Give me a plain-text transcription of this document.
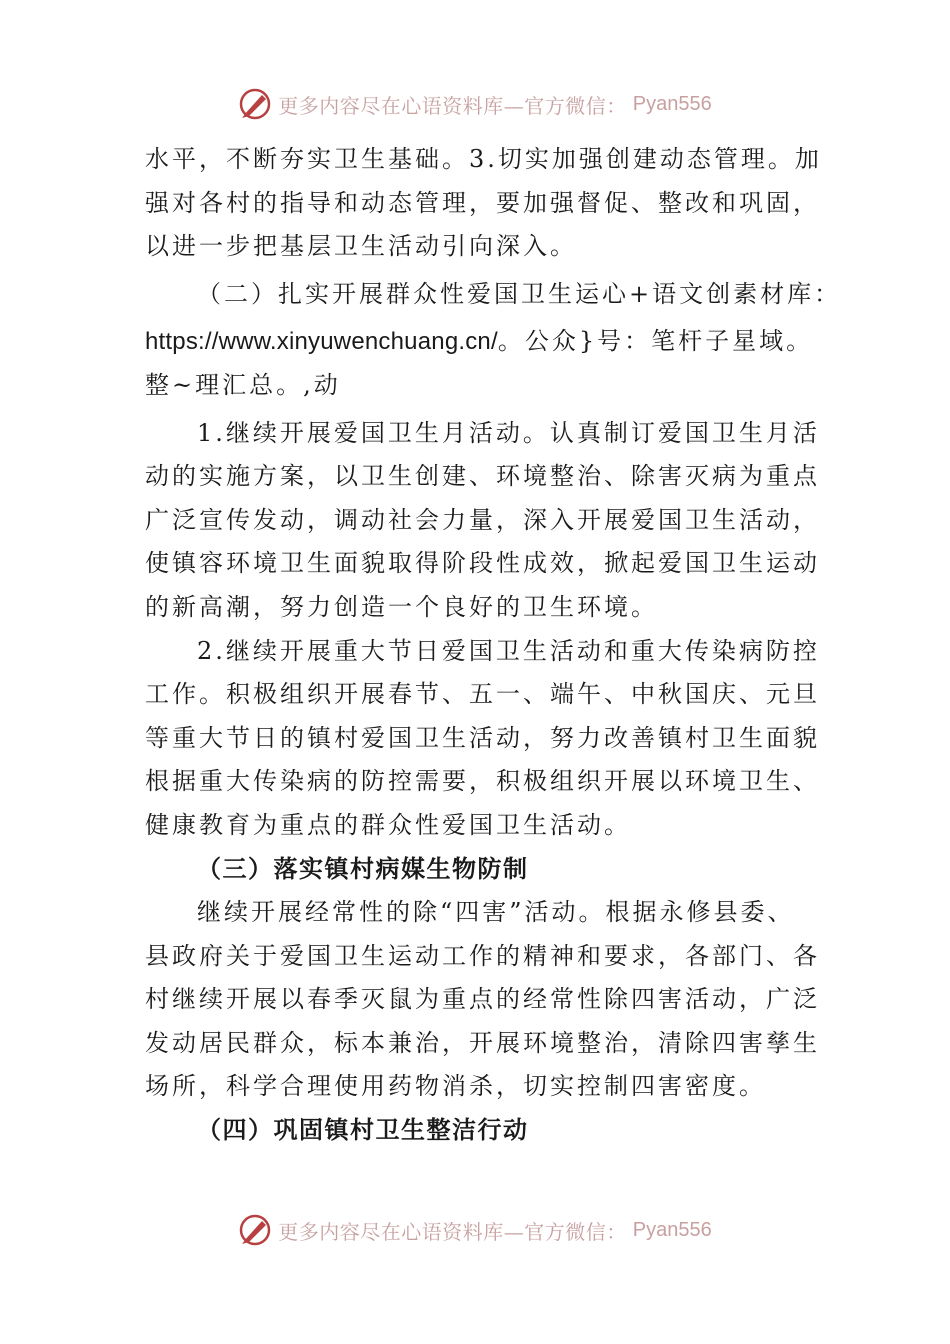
更多内容尽在心语资料库—官方微信： Pyan556
水平，不断夯实卫生基础。3.切实加强创建动态管理。加
强对各村的指导和动态管理，要加强督促、整改和巩固，
以进一步把基层卫生活动引向深入。
（二）扎实开展群众性爱国卫生运心+语文创素材库：
https://www.xinyuwenchuang.cn/。公众}号：笔杆子星域。
整~理汇总。,动
1.继续开展爱国卫生月活动。认真制订爱国卫生月活
动的实施方案，以卫生创建、环境整治、除害灭病为重点
广泛宣传发动，调动社会力量，深入开展爱国卫生活动，
使镇容环境卫生面貌取得阶段性成效，掀起爱国卫生运动
的新高潮，努力创造一个良好的卫生环境。
2.继续开展重大节日爱国卫生活动和重大传染病防控
工作。积极组织开展春节、五一、端午、中秋国庆、元旦
等重大节日的镇村爱国卫生活动，努力改善镇村卫生面貌
根据重大传染病的防控需要，积极组织开展以环境卫生、
健康教育为重点的群众性爱国卫生活动。
（三）落实镇村病媒生物防制
继续开展经常性的除“四害”活动。根据永修县委、
县政府关于爱国卫生运动工作的精神和要求，各部门、各
村继续开展以春季灭鼠为重点的经常性除四害活动，广泛
发动居民群众，标本兼治，开展环境整治，清除四害孳生
场所，科学合理使用药物消杀，切实控制四害密度。
（四）巩固镇村卫生整洁行动
更多内容尽在心语资料库—官方微信： Pyan556
